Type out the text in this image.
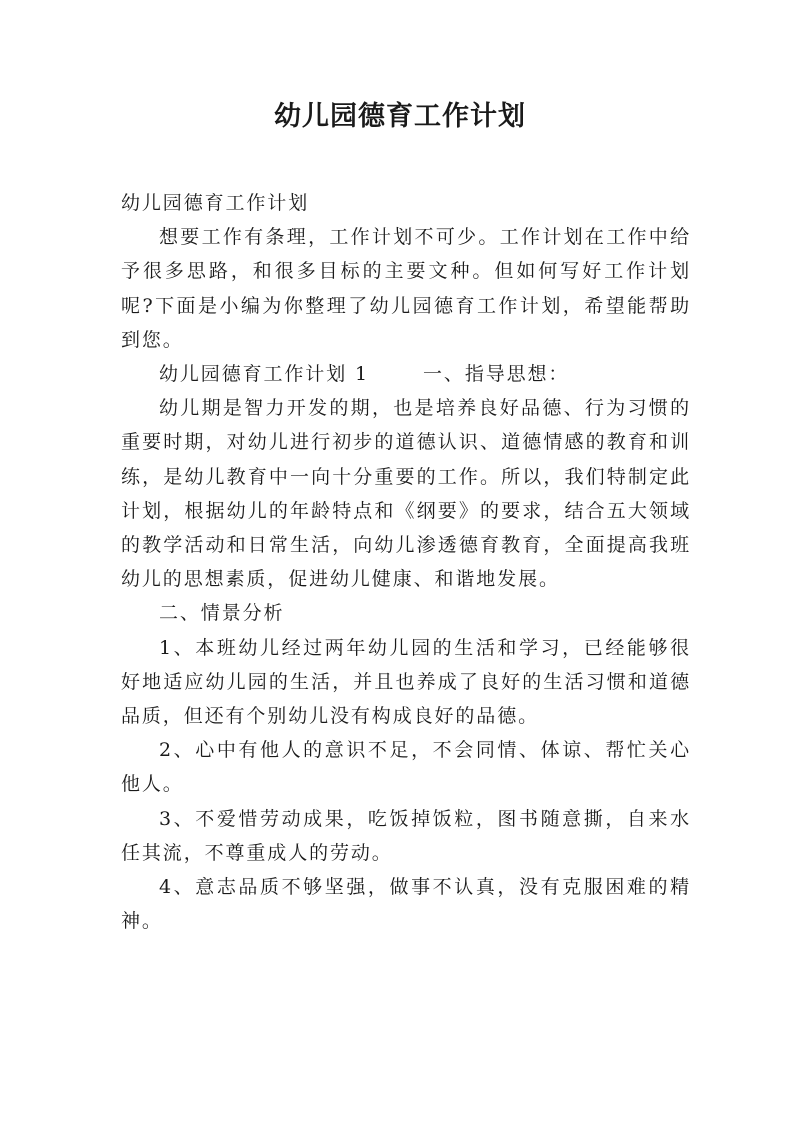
幼儿园德育工作计划

幼儿园德育工作计划

想要工作有条理，工作计划不可少。工作计划在工作中给予很多思路，和很多目标的主要文种。但如何写好工作计划呢?下面是小编为你整理了幼儿园德育工作计划，希望能帮助到您。

幼儿园德育工作计划 1	一、指导思想：

幼儿期是智力开发的期，也是培养良好品德、行为习惯的重要时期，对幼儿进行初步的道德认识、道德情感的教育和训练，是幼儿教育中一向十分重要的工作。所以，我们特制定此计划，根据幼儿的年龄特点和《纲要》的要求，结合五大领域的教学活动和日常生活，向幼儿渗透德育教育，全面提高我班幼儿的思想素质，促进幼儿健康、和谐地发展。

二、情景分析

1、本班幼儿经过两年幼儿园的生活和学习，已经能够很好地适应幼儿园的生活，并且也养成了良好的生活习惯和道德品质，但还有个别幼儿没有构成良好的品德。

2、心中有他人的意识不足，不会同情、体谅、帮忙关心他人。

3、不爱惜劳动成果，吃饭掉饭粒，图书随意撕，自来水任其流，不尊重成人的劳动。

4、意志品质不够坚强，做事不认真，没有克服困难的精神。
